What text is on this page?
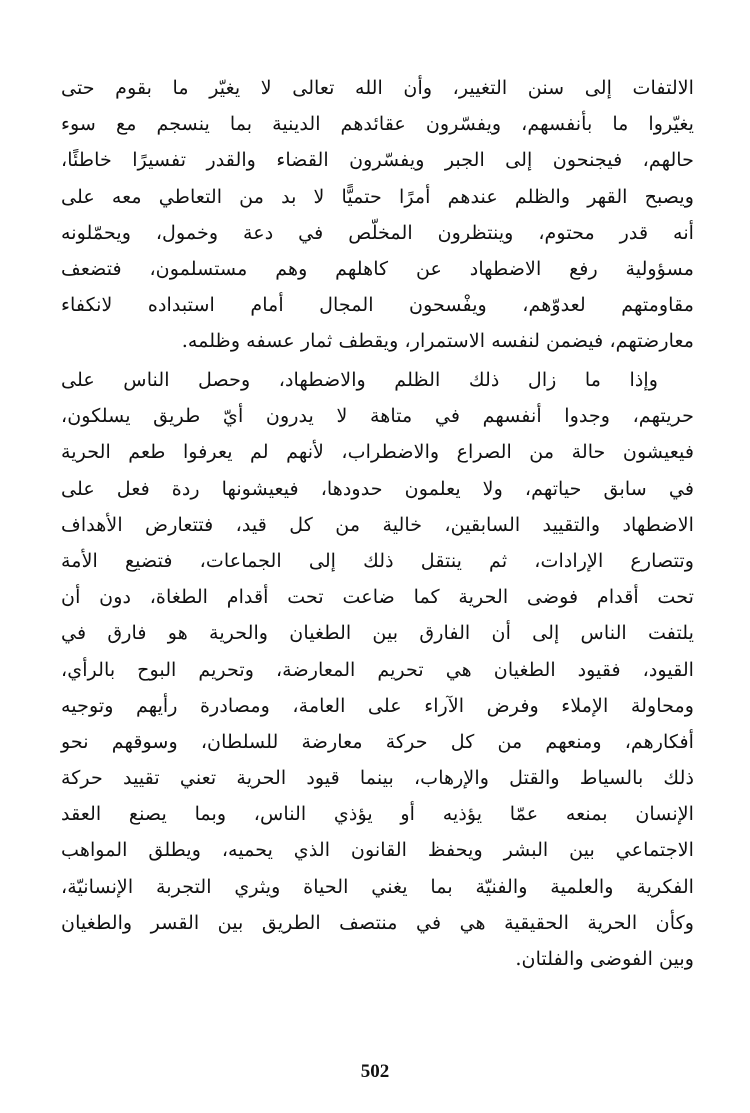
الالتفات إلى سنن التغيير، وأن الله تعالى لا يغيّر ما بقوم حتى
يغيّروا ما بأنفسهم، ويفسّرون عقائدهم الدينية بما ينسجم مع سوء
حالهم، فيجنحون إلى الجبر ويفسّرون القضاء والقدر تفسيرًا خاطئًا،
ويصبح القهر والظلم عندهم أمرًا حتميًّا لا بد من التعاطي معه على
أنه قدر محتوم، وينتظرون المخلّص في دعة وخمول، ويحمّلونه
مسؤولية رفع الاضطهاد عن كاهلهم وهم مستسلمون، فتضعف
مقاومتهم لعدوّهم، ويفْسحون المجال أمام استبداده لانكفاء
معارضتهم، فيضمن لنفسه الاستمرار، ويقطف ثمار عسفه وظلمه.
وإذا ما زال ذلك الظلم والاضطهاد، وحصل الناس على
حريتهم، وجدوا أنفسهم في متاهة لا يدرون أيّ طريق يسلكون،
فيعيشون حالة من الصراع والاضطراب، لأنهم لم يعرفوا طعم الحرية
في سابق حياتهم، ولا يعلمون حدودها، فيعيشونها ردة فعل على
الاضطهاد والتقييد السابقين، خالية من كل قيد، فتتعارض الأهداف
وتتصارع الإرادات، ثم ينتقل ذلك إلى الجماعات، فتضيع الأمة
تحت أقدام فوضى الحرية كما ضاعت تحت أقدام الطغاة، دون أن
يلتفت الناس إلى أن الفارق بين الطغيان والحرية هو فارق في
القيود، فقيود الطغيان هي تحريم المعارضة، وتحريم البوح بالرأي،
ومحاولة الإملاء وفرض الآراء على العامة، ومصادرة رأيهم وتوجيه
أفكارهم، ومنعهم من كل حركة معارضة للسلطان، وسوقهم نحو
ذلك بالسياط والقتل والإرهاب، بينما قيود الحرية تعني تقييد حركة
الإنسان بمنعه عمّا يؤذيه أو يؤذي الناس، وبما يصنع العقد
الاجتماعي بين البشر ويحفظ القانون الذي يحميه، ويطلق المواهب
الفكرية والعلمية والفنيّة بما يغني الحياة ويثري التجربة الإنسانيّة،
وكأن الحرية الحقيقية هي في منتصف الطريق بين القسر والطغيان
وبين الفوضى والفلتان.
502
